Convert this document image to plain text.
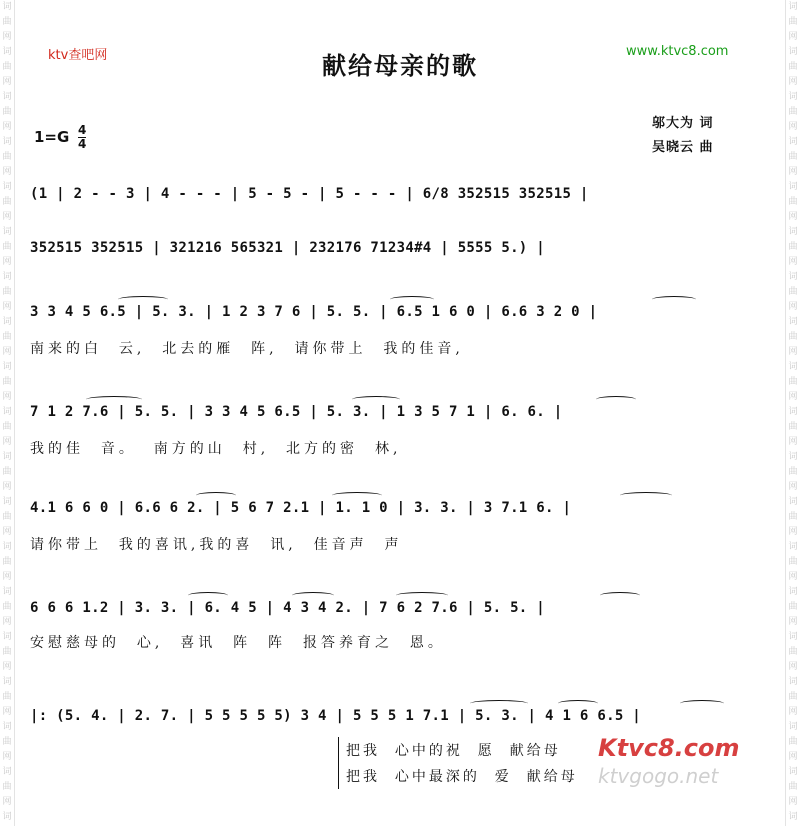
词
曲
网
词
曲
网
词
曲
网
词
曲
网
词
曲
网
词
曲
网
词
曲
网
词
曲
网
词
曲
网
词
曲
网
词
曲
网
词
曲
网
词
曲
网
词
曲
网
词
曲
网
词
曲
网
词
曲
网
词
曲
网
词
词
曲
网
词
曲
网
词
曲
网
词
曲
网
词
曲
网
词
曲
网
词
曲
网
词
曲
网
词
曲
网
词
曲
网
词
曲
网
词
曲
网
词
曲
网
词
曲
网
词
曲
网
词
曲
网
词
曲
网
词
曲
网
词
ktv查吧网	www.ktvc8.com
献给母亲的歌
$1=G \frac{4}{4}$
邬大为 词
吴晓云 曲
(1 | 2 - - 3 | 4 - - - | 5 - 5 - | 5 - - - | 6/8 352515 352515 |
352515 352515 | 321216 565321 | 232176 71234#4 | 5555 5.) |
3 3 4 5 6.5 | 5. 3. | 1 2 3 7 6 | 5. 5. | 6.5 1 6 0 | 6.6 3 2 0 |
南来的白  云,  北去的雁  阵,  请你带上  我的佳音,
7 1 2 7.6 | 5. 5. | 3 3 4 5 6.5 | 5. 3. | 1 3 5 7 1 | 6. 6. |
我的佳  音。  南方的山  村,  北方的密  林,
4.1 6 6 0 | 6.6 6 2. | 5 6 7 2.1 | 1. 1 0 | 3. 3. | 3 7.1 6. |
请你带上  我的喜讯,我的喜  讯,  佳音声  声
6 6 6 1.2 | 3. 3. | 6. 4 5 | 4 3 4 2. | 7 6 2 7.6 | 5. 5. |
安慰慈母的  心,  喜讯  阵  阵  报答养育之  恩。
|: (5. 4. | 2. 7. | 5 5 5 5 5) 3 4 | 5 5 5 1 7.1 | 5. 3. | 4 1 6 6.5 |
把我  心中的祝  愿  献给母
把我  心中最深的  爱  献给母
Ktvc8.com
ktvgogo.net
